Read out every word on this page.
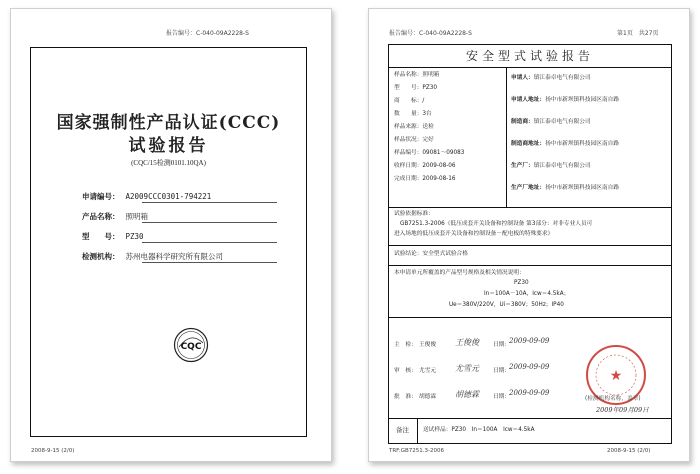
报告编号：C-040-09A2228-S
国家强制性产品认证(CCC)
试验报告
(CQC/15检测0101.10QA)
申请编号： A2009CCC0301-794221
产品名称： 照明箱
型　　号： PZ30
检测机构： 苏州电器科学研究所有限公司
CQC
2008-9-15 (2/0)
报告编号：C-040-09A2228-S	第1页　共27页
安全型式试验报告
样品名称：照明箱
型　　号：PZ30
商　　标：/
数　　量：3台
样品来源：送检
样品状况：完好
样品编号：09081～09083
收样日期：2009-08-06
完成日期：2009-08-16
申请人：镇江泰卓电气有限公司
申请人地址：扬中市新坝镇科技园区南自路
制造商：镇江泰卓电气有限公司
制造商地址：扬中市新坝镇科技园区南自路
生产厂：镇江泰卓电气有限公司
生产厂地址：扬中市新坝镇科技园区南自路
试验依据标准：
GB7251.3-2006《低压成套开关设备和控制设备 第3部分：对非专业人员可
进入场地的低压成套开关设备和控制设备－配电板的特殊要求》
试验结论：安全型式试验合格
本申请单元所覆盖的产品型号规格及相关情况说明：
PZ30
In＝100A－10A，Icw＝4.5kA；
Ue＝380V/220V，Ui＝380V；50Hz；IP40
主　检： 王俊俊 王俊俊 日期：
2009-09-09
审　核： 尤雪元 尤雪元 日期：
2009-09-09
批　准： 胡德霖 胡德霖 日期：
2009-09-09
★
(检测机构名称，盖章)
2009年09月09日
备注 送试样品：PZ30　In＝100A　Icw＝4.5kA
TRF:GB7251.3-2006	2008-9-15 (2/0)
